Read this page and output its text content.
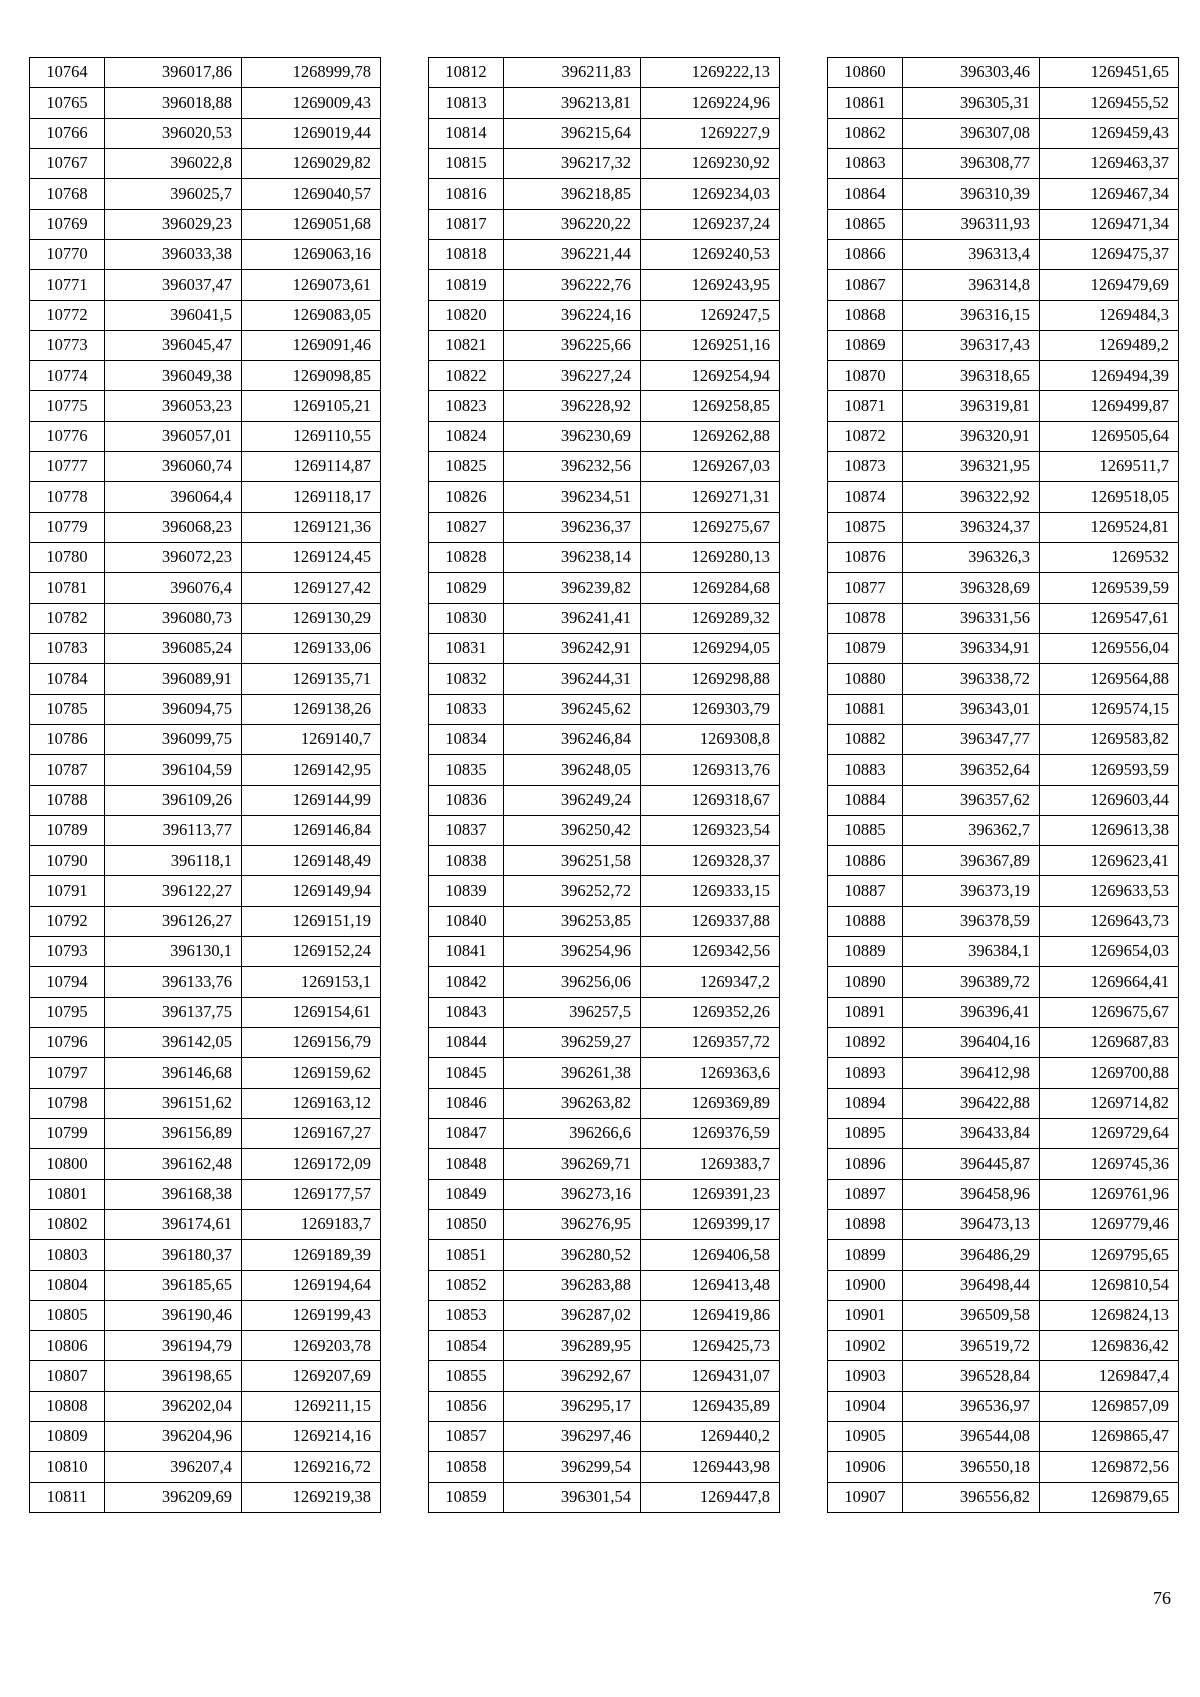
10764	396017,86	1268999,78
10765	396018,88	1269009,43
10766	396020,53	1269019,44
10767	396022,8	1269029,82
10768	396025,7	1269040,57
10769	396029,23	1269051,68
10770	396033,38	1269063,16
10771	396037,47	1269073,61
10772	396041,5	1269083,05
10773	396045,47	1269091,46
10774	396049,38	1269098,85
10775	396053,23	1269105,21
10776	396057,01	1269110,55
10777	396060,74	1269114,87
10778	396064,4	1269118,17
10779	396068,23	1269121,36
10780	396072,23	1269124,45
10781	396076,4	1269127,42
10782	396080,73	1269130,29
10783	396085,24	1269133,06
10784	396089,91	1269135,71
10785	396094,75	1269138,26
10786	396099,75	1269140,7
10787	396104,59	1269142,95
10788	396109,26	1269144,99
10789	396113,77	1269146,84
10790	396118,1	1269148,49
10791	396122,27	1269149,94
10792	396126,27	1269151,19
10793	396130,1	1269152,24
10794	396133,76	1269153,1
10795	396137,75	1269154,61
10796	396142,05	1269156,79
10797	396146,68	1269159,62
10798	396151,62	1269163,12
10799	396156,89	1269167,27
10800	396162,48	1269172,09
10801	396168,38	1269177,57
10802	396174,61	1269183,7
10803	396180,37	1269189,39
10804	396185,65	1269194,64
10805	396190,46	1269199,43
10806	396194,79	1269203,78
10807	396198,65	1269207,69
10808	396202,04	1269211,15
10809	396204,96	1269214,16
10810	396207,4	1269216,72
10811	396209,69	1269219,38
10812	396211,83	1269222,13
10813	396213,81	1269224,96
10814	396215,64	1269227,9
10815	396217,32	1269230,92
10816	396218,85	1269234,03
10817	396220,22	1269237,24
10818	396221,44	1269240,53
10819	396222,76	1269243,95
10820	396224,16	1269247,5
10821	396225,66	1269251,16
10822	396227,24	1269254,94
10823	396228,92	1269258,85
10824	396230,69	1269262,88
10825	396232,56	1269267,03
10826	396234,51	1269271,31
10827	396236,37	1269275,67
10828	396238,14	1269280,13
10829	396239,82	1269284,68
10830	396241,41	1269289,32
10831	396242,91	1269294,05
10832	396244,31	1269298,88
10833	396245,62	1269303,79
10834	396246,84	1269308,8
10835	396248,05	1269313,76
10836	396249,24	1269318,67
10837	396250,42	1269323,54
10838	396251,58	1269328,37
10839	396252,72	1269333,15
10840	396253,85	1269337,88
10841	396254,96	1269342,56
10842	396256,06	1269347,2
10843	396257,5	1269352,26
10844	396259,27	1269357,72
10845	396261,38	1269363,6
10846	396263,82	1269369,89
10847	396266,6	1269376,59
10848	396269,71	1269383,7
10849	396273,16	1269391,23
10850	396276,95	1269399,17
10851	396280,52	1269406,58
10852	396283,88	1269413,48
10853	396287,02	1269419,86
10854	396289,95	1269425,73
10855	396292,67	1269431,07
10856	396295,17	1269435,89
10857	396297,46	1269440,2
10858	396299,54	1269443,98
10859	396301,54	1269447,8
10860	396303,46	1269451,65
10861	396305,31	1269455,52
10862	396307,08	1269459,43
10863	396308,77	1269463,37
10864	396310,39	1269467,34
10865	396311,93	1269471,34
10866	396313,4	1269475,37
10867	396314,8	1269479,69
10868	396316,15	1269484,3
10869	396317,43	1269489,2
10870	396318,65	1269494,39
10871	396319,81	1269499,87
10872	396320,91	1269505,64
10873	396321,95	1269511,7
10874	396322,92	1269518,05
10875	396324,37	1269524,81
10876	396326,3	1269532
10877	396328,69	1269539,59
10878	396331,56	1269547,61
10879	396334,91	1269556,04
10880	396338,72	1269564,88
10881	396343,01	1269574,15
10882	396347,77	1269583,82
10883	396352,64	1269593,59
10884	396357,62	1269603,44
10885	396362,7	1269613,38
10886	396367,89	1269623,41
10887	396373,19	1269633,53
10888	396378,59	1269643,73
10889	396384,1	1269654,03
10890	396389,72	1269664,41
10891	396396,41	1269675,67
10892	396404,16	1269687,83
10893	396412,98	1269700,88
10894	396422,88	1269714,82
10895	396433,84	1269729,64
10896	396445,87	1269745,36
10897	396458,96	1269761,96
10898	396473,13	1269779,46
10899	396486,29	1269795,65
10900	396498,44	1269810,54
10901	396509,58	1269824,13
10902	396519,72	1269836,42
10903	396528,84	1269847,4
10904	396536,97	1269857,09
10905	396544,08	1269865,47
10906	396550,18	1269872,56
10907	396556,82	1269879,65
76
